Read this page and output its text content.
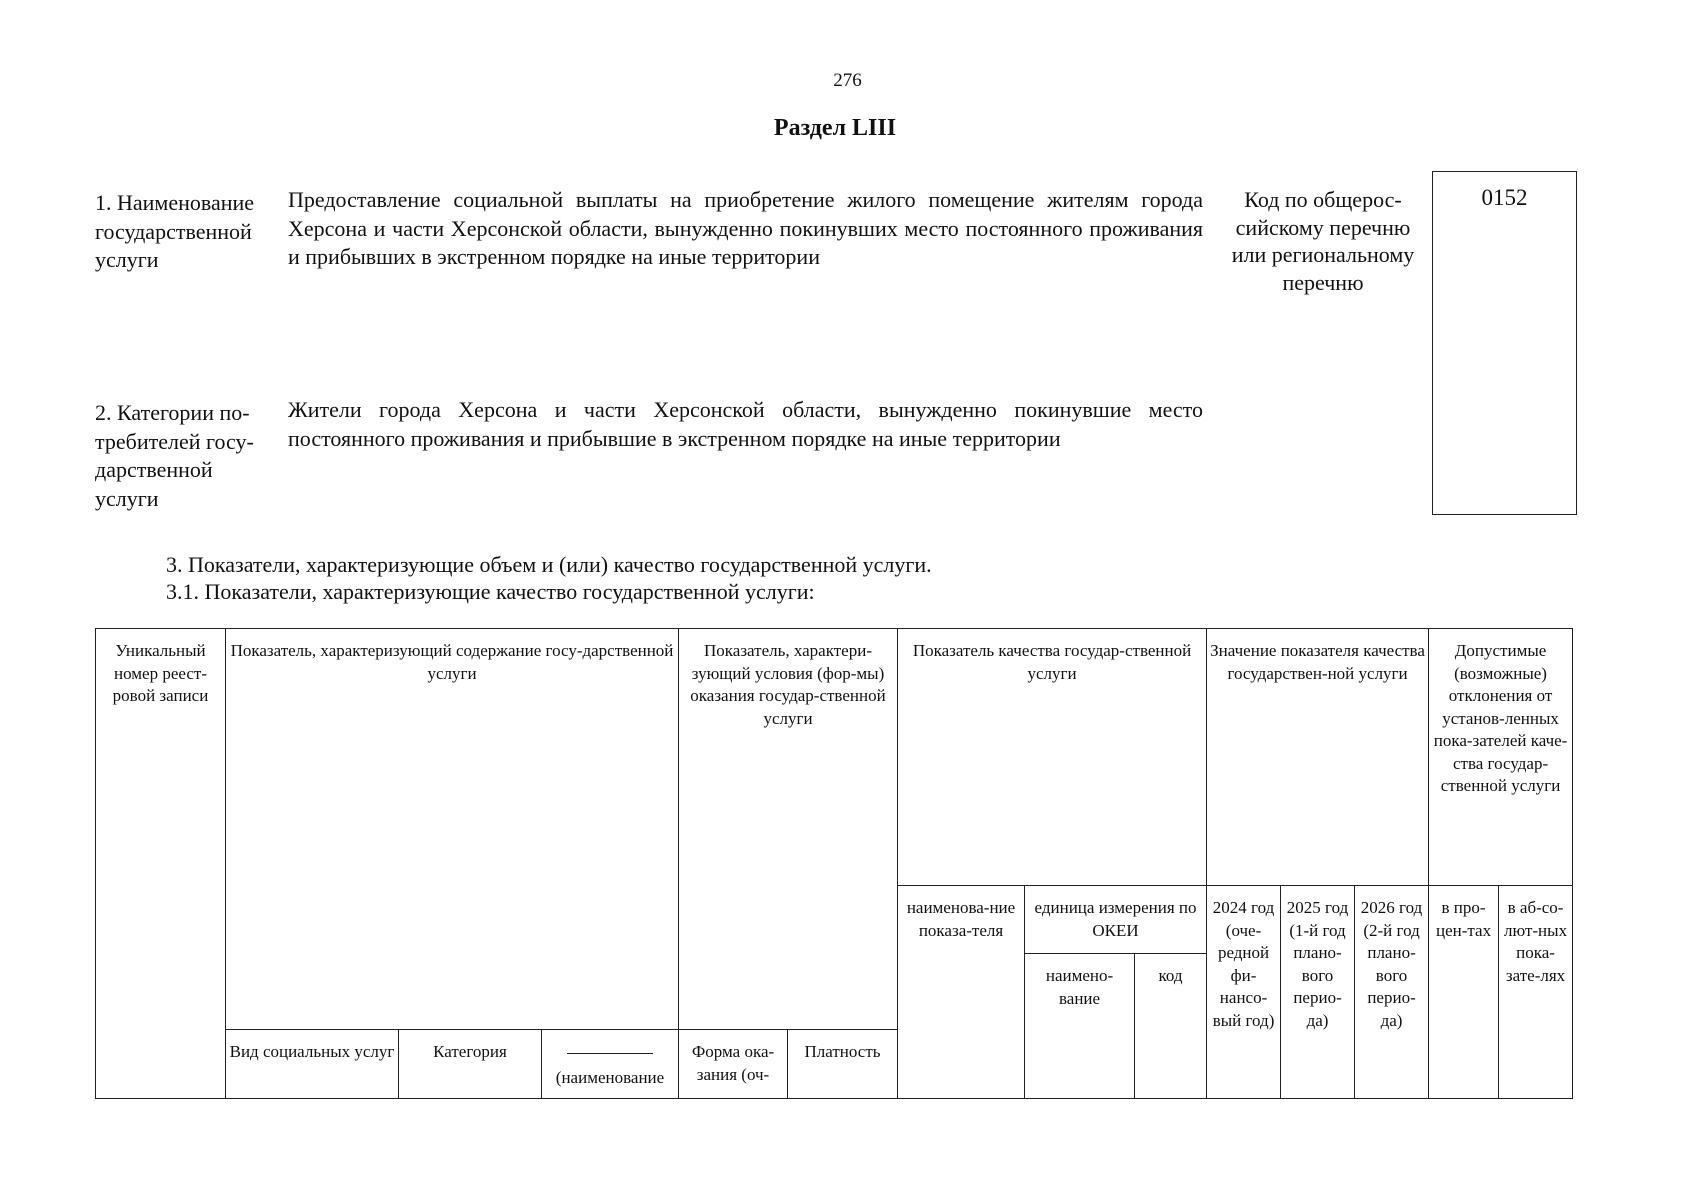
276
Раздел LIII
1. Наименование государственной услуги
Предоставление социальной выплаты на приобретение жилого помещение жителям города Херсона и части Херсонской области, вынужденно покинувших место постоянного проживания и прибывших в экстренном порядке на иные территории
2. Категории по-требителей госу-дарственной услуги
Жители города Херсона и части Херсонской области, вынужденно покинувшие место постоянного проживания и прибывшие в экстренном порядке на иные территории
Код по общерос-сийскому перечню или региональному перечню
0152
3. Показатели, характеризующие объем и (или) качество государственной услуги.
3.1. Показатели, характеризующие качество государственной услуги:
Уникальный номер реест-ровой записи	Показатель, характеризующий содержание госу-дарственной услуги			Показатель, характери-зующий условия (фор-мы) оказания государ-ственной услуги		Показатель качества государ-ственной услуги			Значение показателя качества государствен-ной услуги			Допустимые (возможные) отклонения от установ-ленных пока-зателей каче-ства государ-ственной услуги	
						наименова-ние показа-теля	единица измерения по ОКЕИ		2024 год (оче-редной фи-нансо-вый год)	2025 год (1-й год плано-вого перио-да)	2026 год (2-й год плано-вого перио-да)	в про-цен-тах	в аб-со-лют-ных пока-зате-лях
							наимено-вание	код					
	Вид социальных услуг	Категория	(наименование	Форма ока-зания (оч-	Платность								
